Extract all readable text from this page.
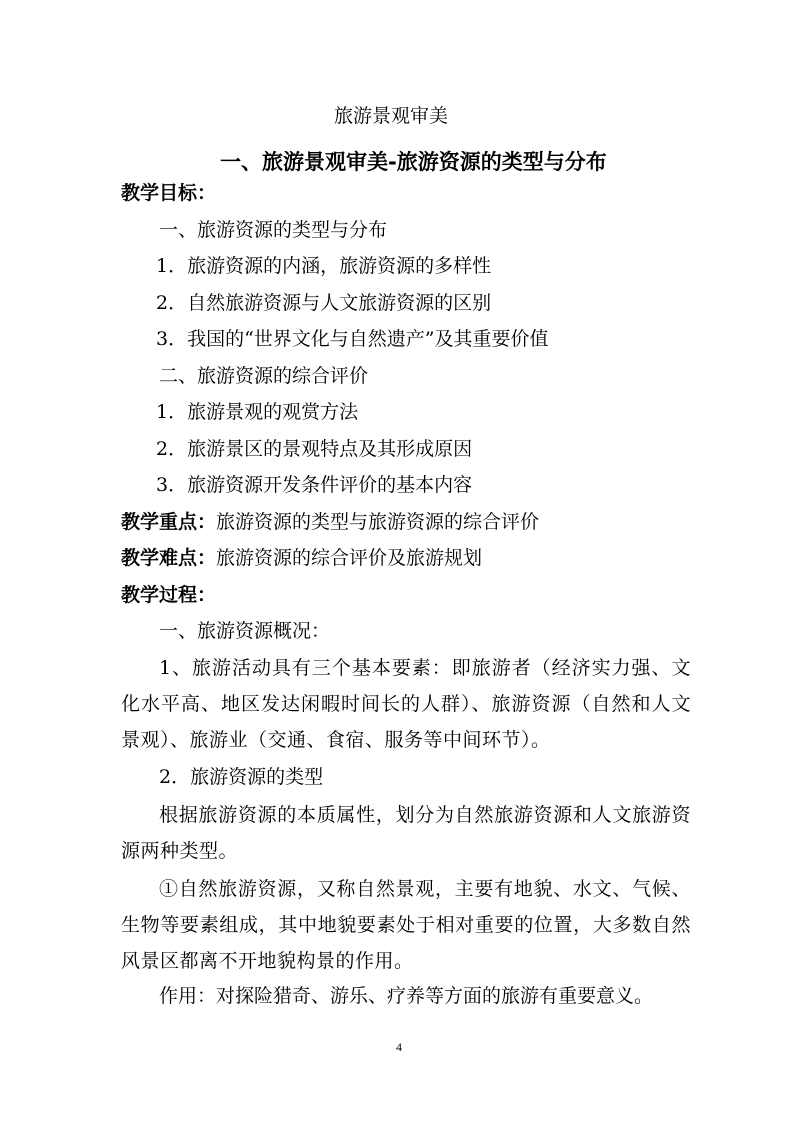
旅游景观审美
一、旅游景观审美-旅游资源的类型与分布
教学目标：
一、旅游资源的类型与分布
1．旅游资源的内涵，旅游资源的多样性
2．自然旅游资源与人文旅游资源的区别
3．我国的“世界文化与自然遗产”及其重要价值
二、旅游资源的综合评价
1．旅游景观的观赏方法
2．旅游景区的景观特点及其形成原因
3．旅游资源开发条件评价的基本内容
教学重点：旅游资源的类型与旅游资源的综合评价
教学难点：旅游资源的综合评价及旅游规划
教学过程：
一、旅游资源概况：
1、旅游活动具有三个基本要素：即旅游者（经济实力强、文化水平高、地区发达闲暇时间长的人群）、旅游资源（自然和人文景观）、旅游业（交通、食宿、服务等中间环节）。
2．旅游资源的类型
根据旅游资源的本质属性，划分为自然旅游资源和人文旅游资源两种类型。
①自然旅游资源，又称自然景观，主要有地貌、水文、气候、生物等要素组成，其中地貌要素处于相对重要的位置，大多数自然风景区都离不开地貌构景的作用。
作用：对探险猎奇、游乐、疗养等方面的旅游有重要意义。
4
